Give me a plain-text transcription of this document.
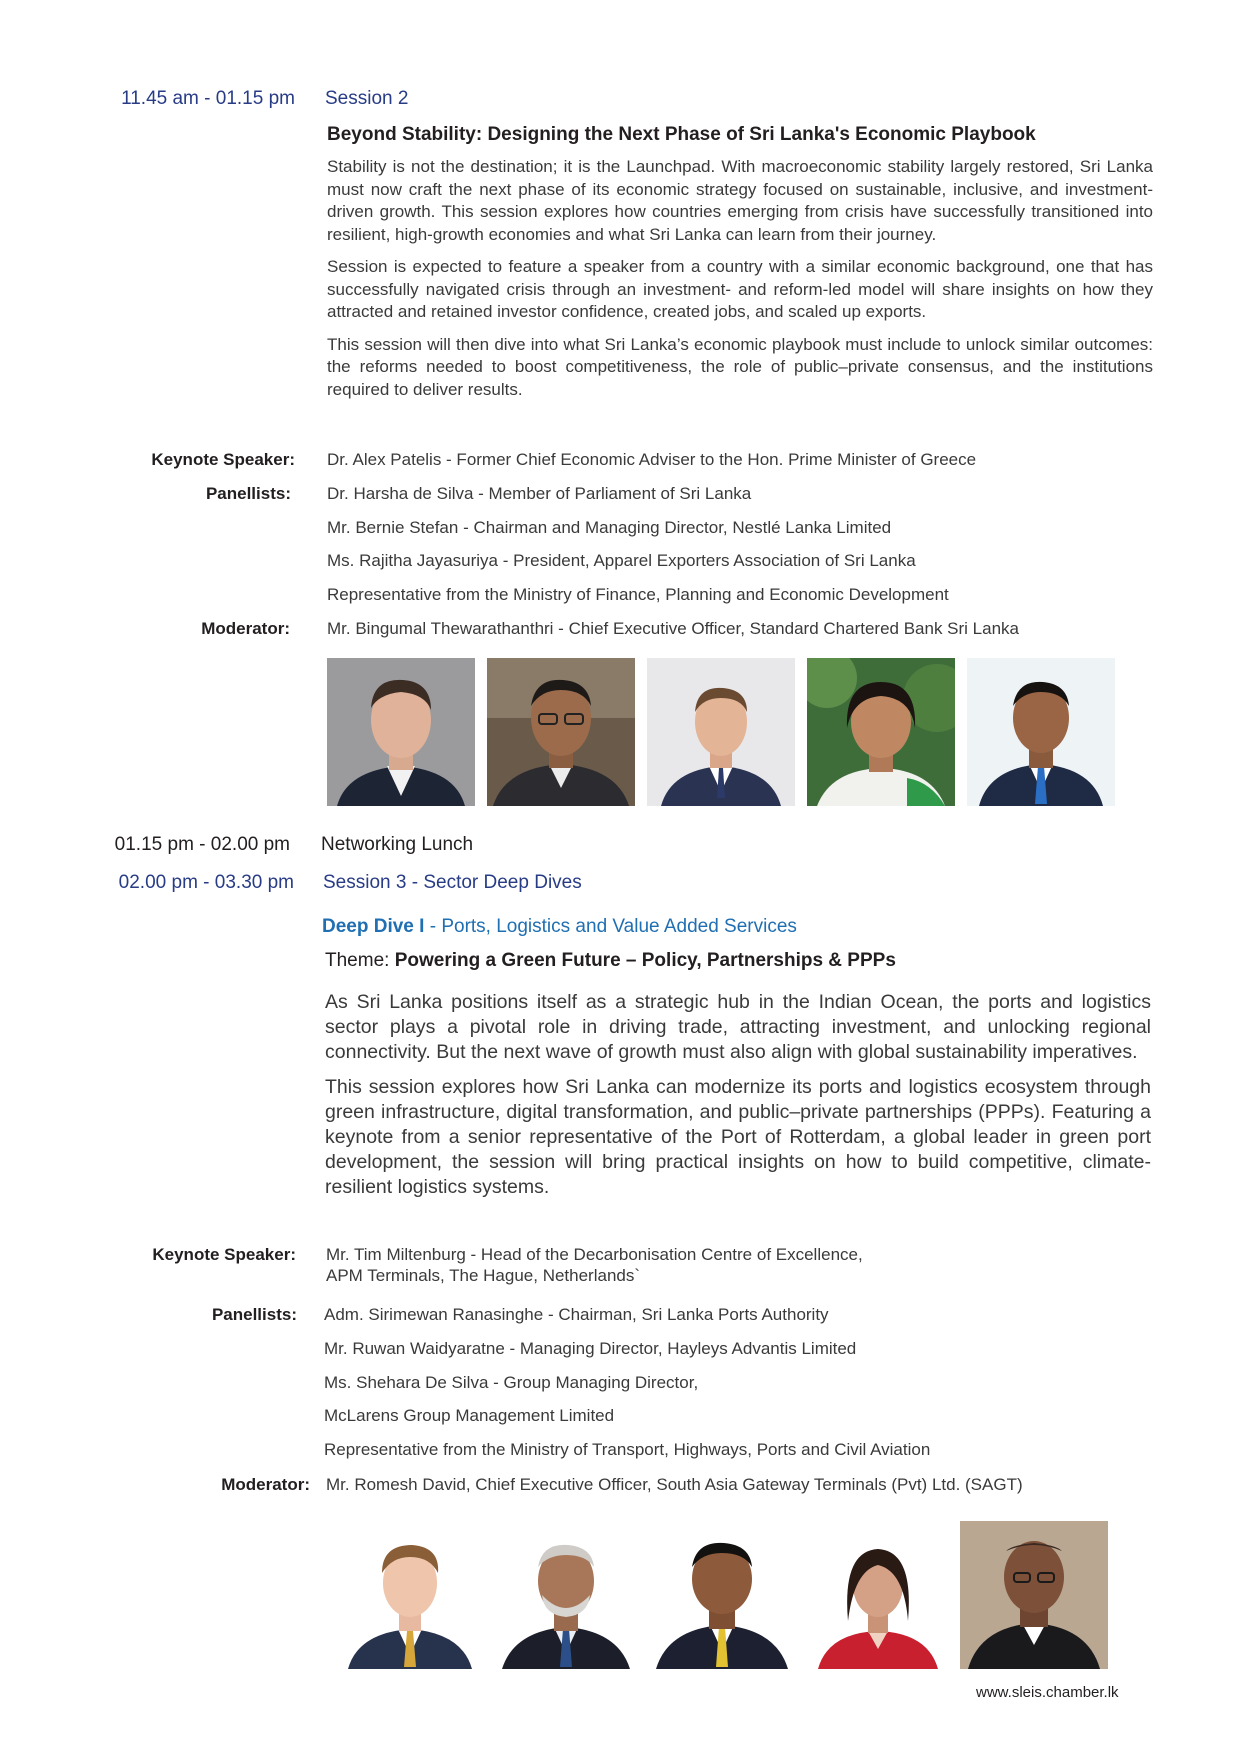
11.45 am - 01.15 pm Session 2
Beyond Stability: Designing the Next Phase of Sri Lanka's Economic Playbook

Stability is not the destination; it is the Launchpad. With macroeconomic stability largely restored, Sri Lanka must now craft the next phase of its economic strategy focused on sustainable, inclusive, and investment-driven growth. This session explores how countries emerging from crisis have successfully transitioned into resilient, high-growth economies and what Sri Lanka can learn from their journey.

Session is expected to feature a speaker from a country with a similar economic background, one that has successfully navigated crisis through an investment- and reform-led model will share insights on how they attracted and retained investor confidence, created jobs, and scaled up exports.

This session will then dive into what Sri Lanka’s economic playbook must include to unlock similar outcomes: the reforms needed to boost competitiveness, the role of public–private consensus, and the institutions required to deliver results.

Keynote Speaker: Dr. Alex Patelis - Former Chief Economic Adviser to the Hon. Prime Minister of Greece
Panellists: Dr. Harsha de Silva - Member of Parliament of Sri Lanka
Mr. Bernie Stefan - Chairman and Managing Director, Nestlé Lanka Limited
Ms. Rajitha Jayasuriya - President, Apparel Exporters Association of Sri Lanka
Representative from the Ministry of Finance, Planning and Economic Development
Moderator: Mr. Bingumal Thewarathanthri - Chief Executive Officer, Standard Chartered Bank Sri Lanka
01.15 pm - 02.00 pm Networking Lunch
02.00 pm - 03.30 pm Session 3 - Sector Deep Dives
Deep Dive I - Ports, Logistics and Value Added Services
Theme: Powering a Green Future – Policy, Partnerships & PPPs

As Sri Lanka positions itself as a strategic hub in the Indian Ocean, the ports and logistics sector plays a pivotal role in driving trade, attracting investment, and unlocking regional connectivity. But the next wave of growth must also align with global sustainability imperatives.

This session explores how Sri Lanka can modernize its ports and logistics ecosystem through green infrastructure, digital transformation, and public–private partnerships (PPPs). Featuring a keynote from a senior representative of the Port of Rotterdam, a global leader in green port development, the session will bring practical insights on how to build competitive, climate-resilient logistics systems.

Keynote Speaker: Mr. Tim Miltenburg - Head of the Decarbonisation Centre of Excellence,
APM Terminals, The Hague, Netherlands`
Panellists: Adm. Sirimewan Ranasinghe - Chairman, Sri Lanka Ports Authority
Mr. Ruwan Waidyaratne - Managing Director, Hayleys Advantis Limited
Ms. Shehara De Silva - Group Managing Director,
McLarens Group Management Limited
Representative from the Ministry of Transport, Highways, Ports and Civil Aviation
Moderator: Mr. Romesh David, Chief Executive Officer, South Asia Gateway Terminals (Pvt) Ltd. (SAGT)
www.sleis.chamber.lk
